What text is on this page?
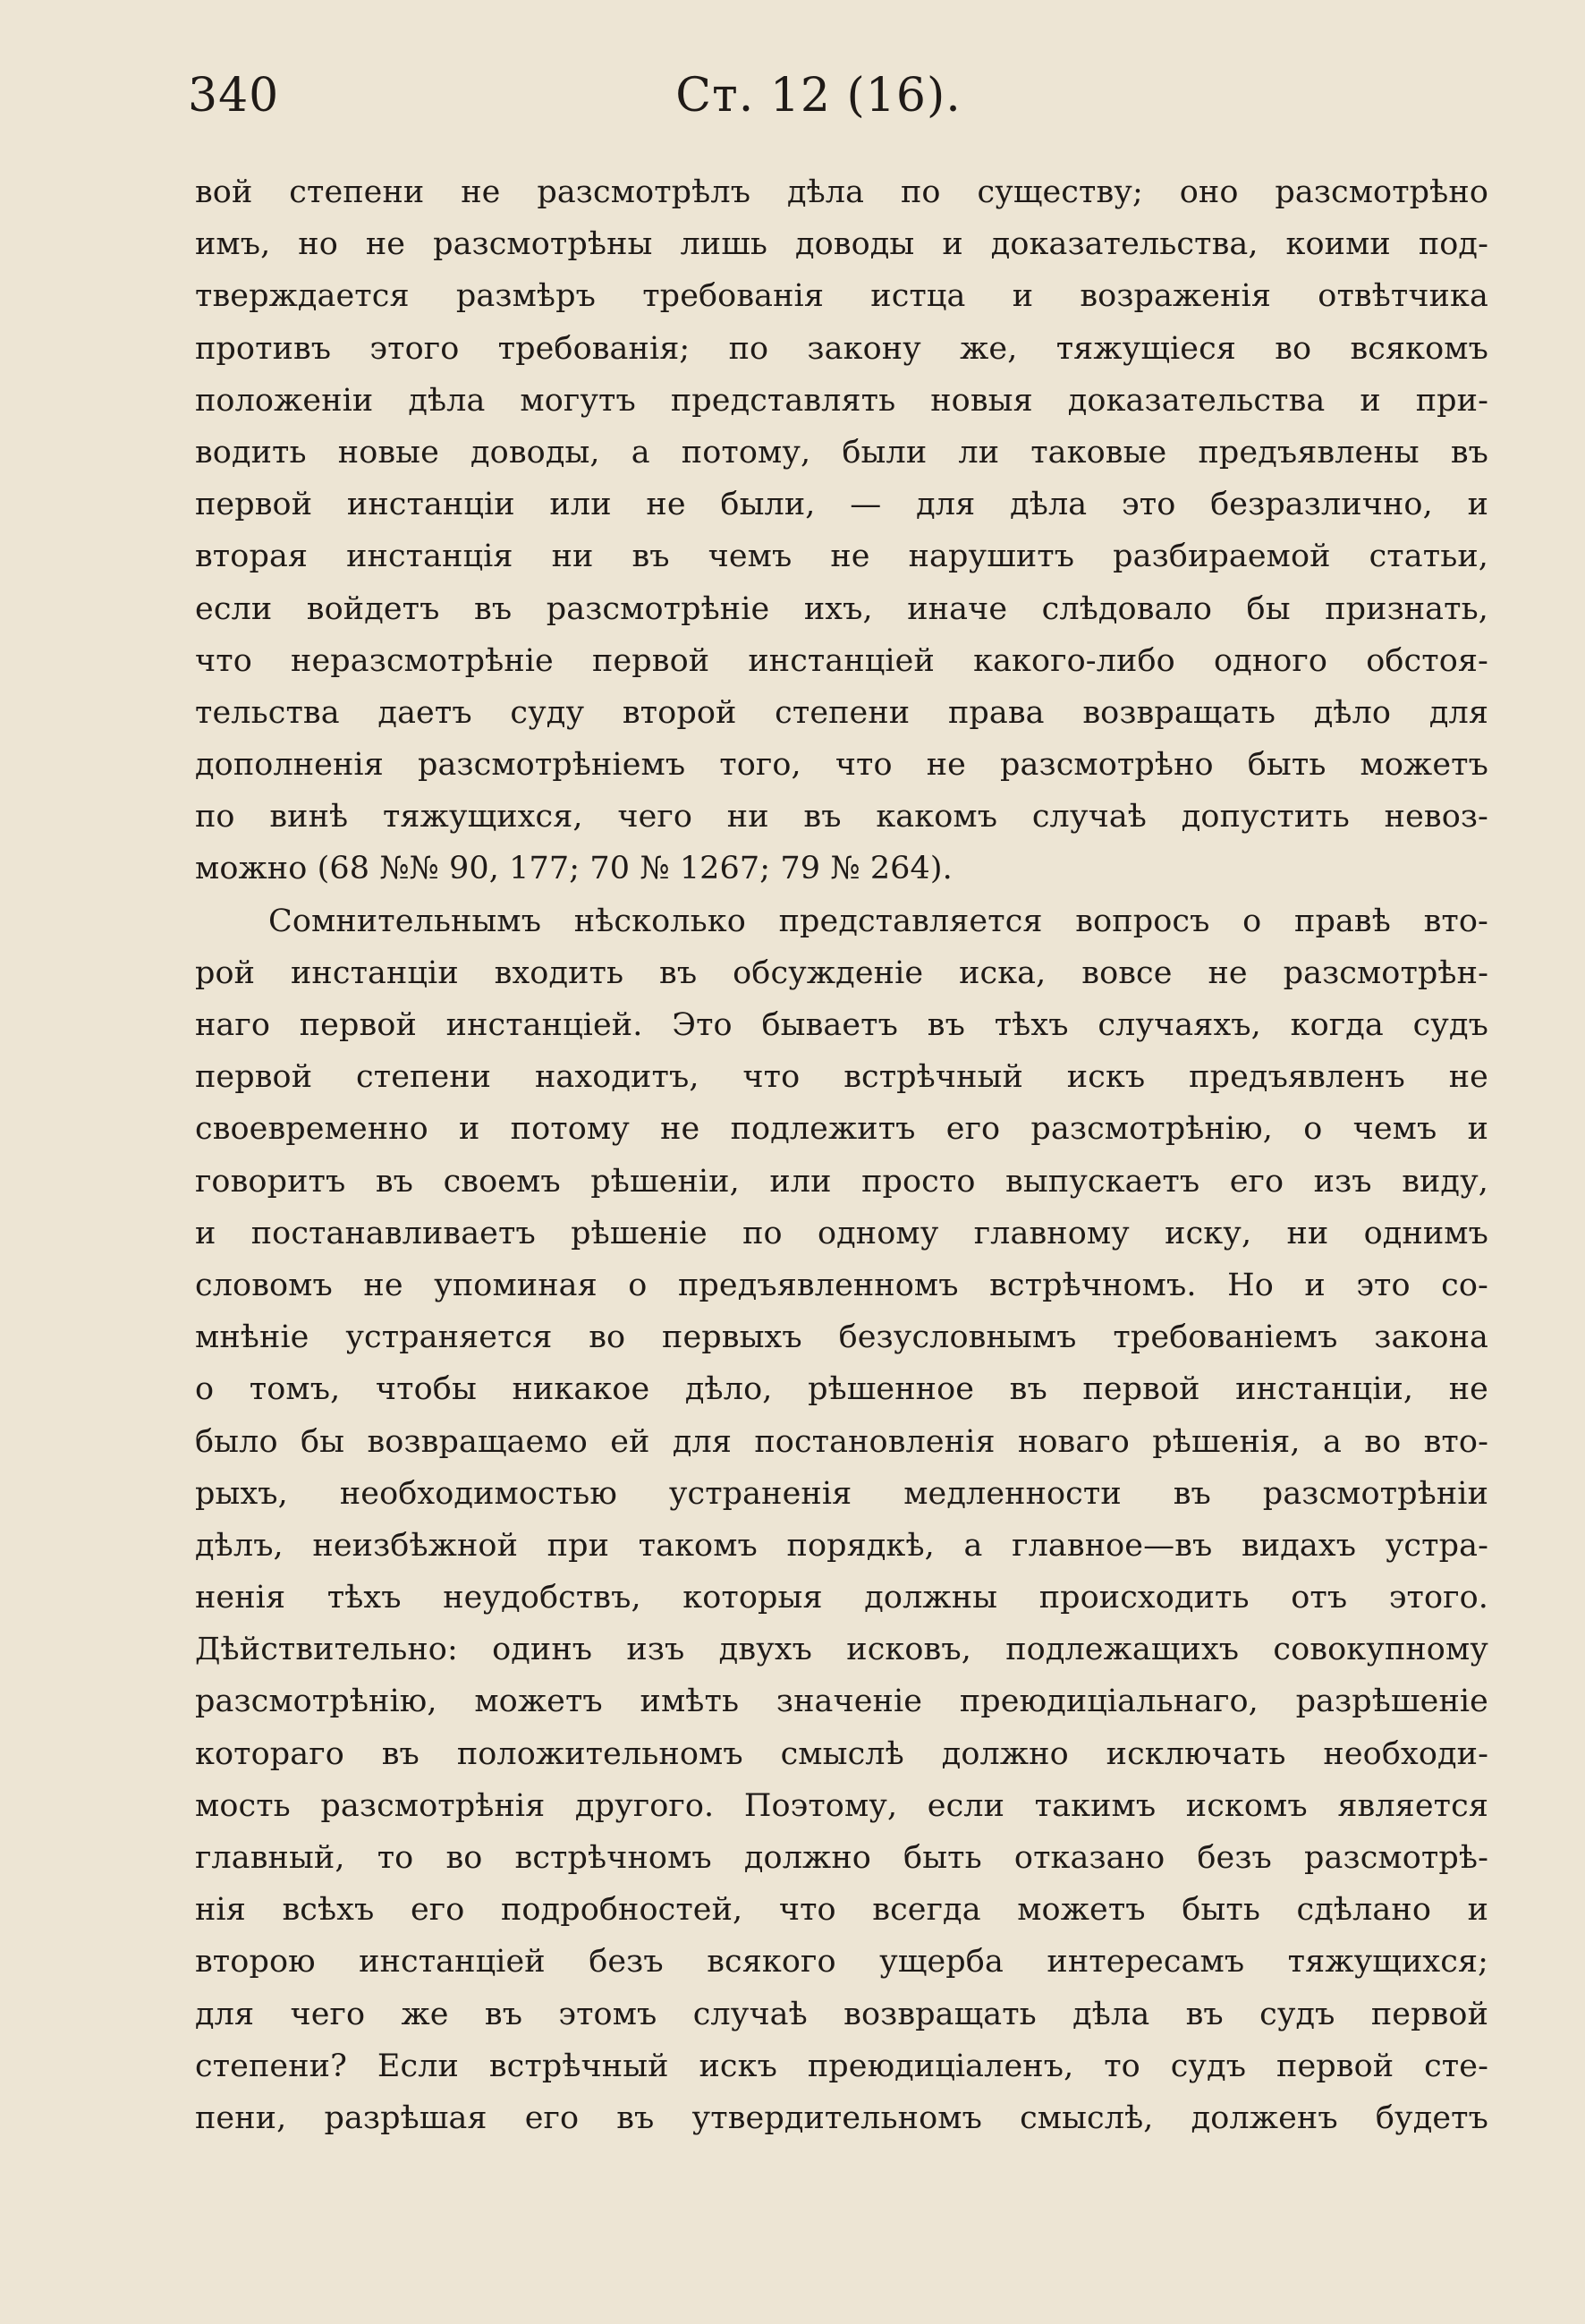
340	Ст. 12 (16).
вой степени не разсмотрѣлъ дѣла по существу; оно разсмотрѣно
имъ, но не разсмотрѣны лишь доводы и доказательства, коими под-
тверждается размѣръ требованія истца и возраженія отвѣтчика
противъ этого требованія; по закону же, тяжущіеся во всякомъ
положеніи дѣла могутъ представлять новыя доказательства и при-
водить новые доводы, а потому, были ли таковые предъявлены въ
первой инстанціи или не были, — для дѣла это безразлично, и
вторая инстанція ни въ чемъ не нарушитъ разбираемой статьи,
если войдетъ въ разсмотрѣніе ихъ, иначе слѣдовало бы признать,
что неразсмотрѣніе первой инстанціей какого-либо одного обстоя-
тельства даетъ суду второй степени права возвращать дѣло для
дополненія разсмотрѣніемъ того, что не разсмотрѣно быть можетъ
по винѣ тяжущихся, чего ни въ какомъ случаѣ допустить невоз-
можно (68 №№ 90, 177; 70 № 1267; 79 № 264).
Сомнительнымъ нѣсколько представляется вопросъ о правѣ вто-
рой инстанціи входить въ обсужденіе иска, вовсе не разсмотрѣн-
наго первой инстанціей. Это бываетъ въ тѣхъ случаяхъ, когда судъ
первой степени находитъ, что встрѣчный искъ предъявленъ не
своевременно и потому не подлежитъ его разсмотрѣнію, о чемъ и
говоритъ въ своемъ рѣшеніи, или просто выпускаетъ его изъ виду,
и постанавливаетъ рѣшеніе по одному главному иску, ни однимъ
словомъ не упоминая о предъявленномъ встрѣчномъ. Но и это со-
мнѣніе устраняется во первыхъ безусловнымъ требованіемъ закона
о томъ, чтобы никакое дѣло, рѣшенное въ первой инстанціи, не
было бы возвращаемо ей для постановленія новаго рѣшенія, а во вто-
рыхъ, необходимостью устраненія медленности въ разсмотрѣніи
дѣлъ, неизбѣжной при такомъ порядкѣ, а главное—въ видахъ устра-
ненія тѣхъ неудобствъ, которыя должны происходить отъ этого.
Дѣйствительно: одинъ изъ двухъ исковъ, подлежащихъ совокупному
разсмотрѣнію, можетъ имѣть значеніе преюдиціальнаго, разрѣшеніе
котораго въ положительномъ смыслѣ должно исключать необходи-
мость разсмотрѣнія другого. Поэтому, если такимъ искомъ является
главный, то во встрѣчномъ должно быть отказано безъ разсмотрѣ-
нія всѣхъ его подробностей, что всегда можетъ быть сдѣлано и
второю инстанціей безъ всякого ущерба интересамъ тяжущихся;
для чего же въ этомъ случаѣ возвращать дѣла въ судъ первой
степени? Если встрѣчный искъ преюдиціаленъ, то судъ первой сте-
пени, разрѣшая его въ утвердительномъ смыслѣ, долженъ будетъ
